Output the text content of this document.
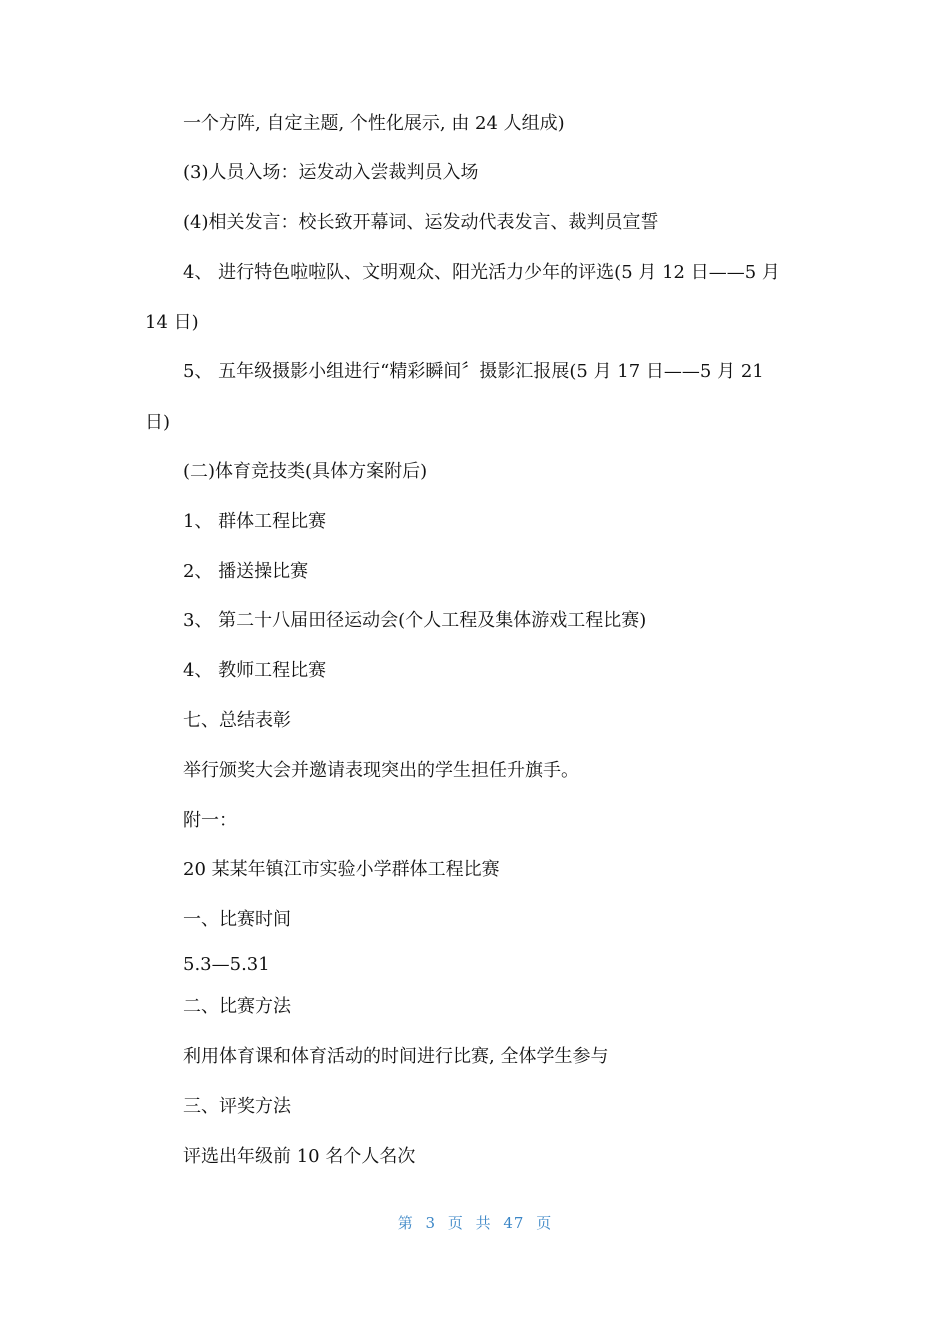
一个方阵, 自定主题, 个性化展示, 由 24 人组成)
(3)人员入场：运发动入尝裁判员入场
(4)相关发言：校长致开幕词、运发动代表发言、裁判员宣誓
4、 进行特色啦啦队、文明观众、阳光活力少年的评选(5 月 12 日——5 月
14 日)
5、 五年级摄影小组进行“精彩瞬间〞摄影汇报展(5 月 17 日——5 月 21
日)
(二)体育竞技类(具体方案附后)
1、 群体工程比赛
2、 播送操比赛
3、 第二十八届田径运动会(个人工程及集体游戏工程比赛)
4、 教师工程比赛
七、总结表彰
举行颁奖大会并邀请表现突出的学生担任升旗手。
附一：
20 某某年镇江市实验小学群体工程比赛
一、比赛时间
5.3—5.31
二、比赛方法
利用体育课和体育活动的时间进行比赛, 全体学生参与
三、评奖方法
评选出年级前 10 名个人名次
第 3 页 共 47 页
